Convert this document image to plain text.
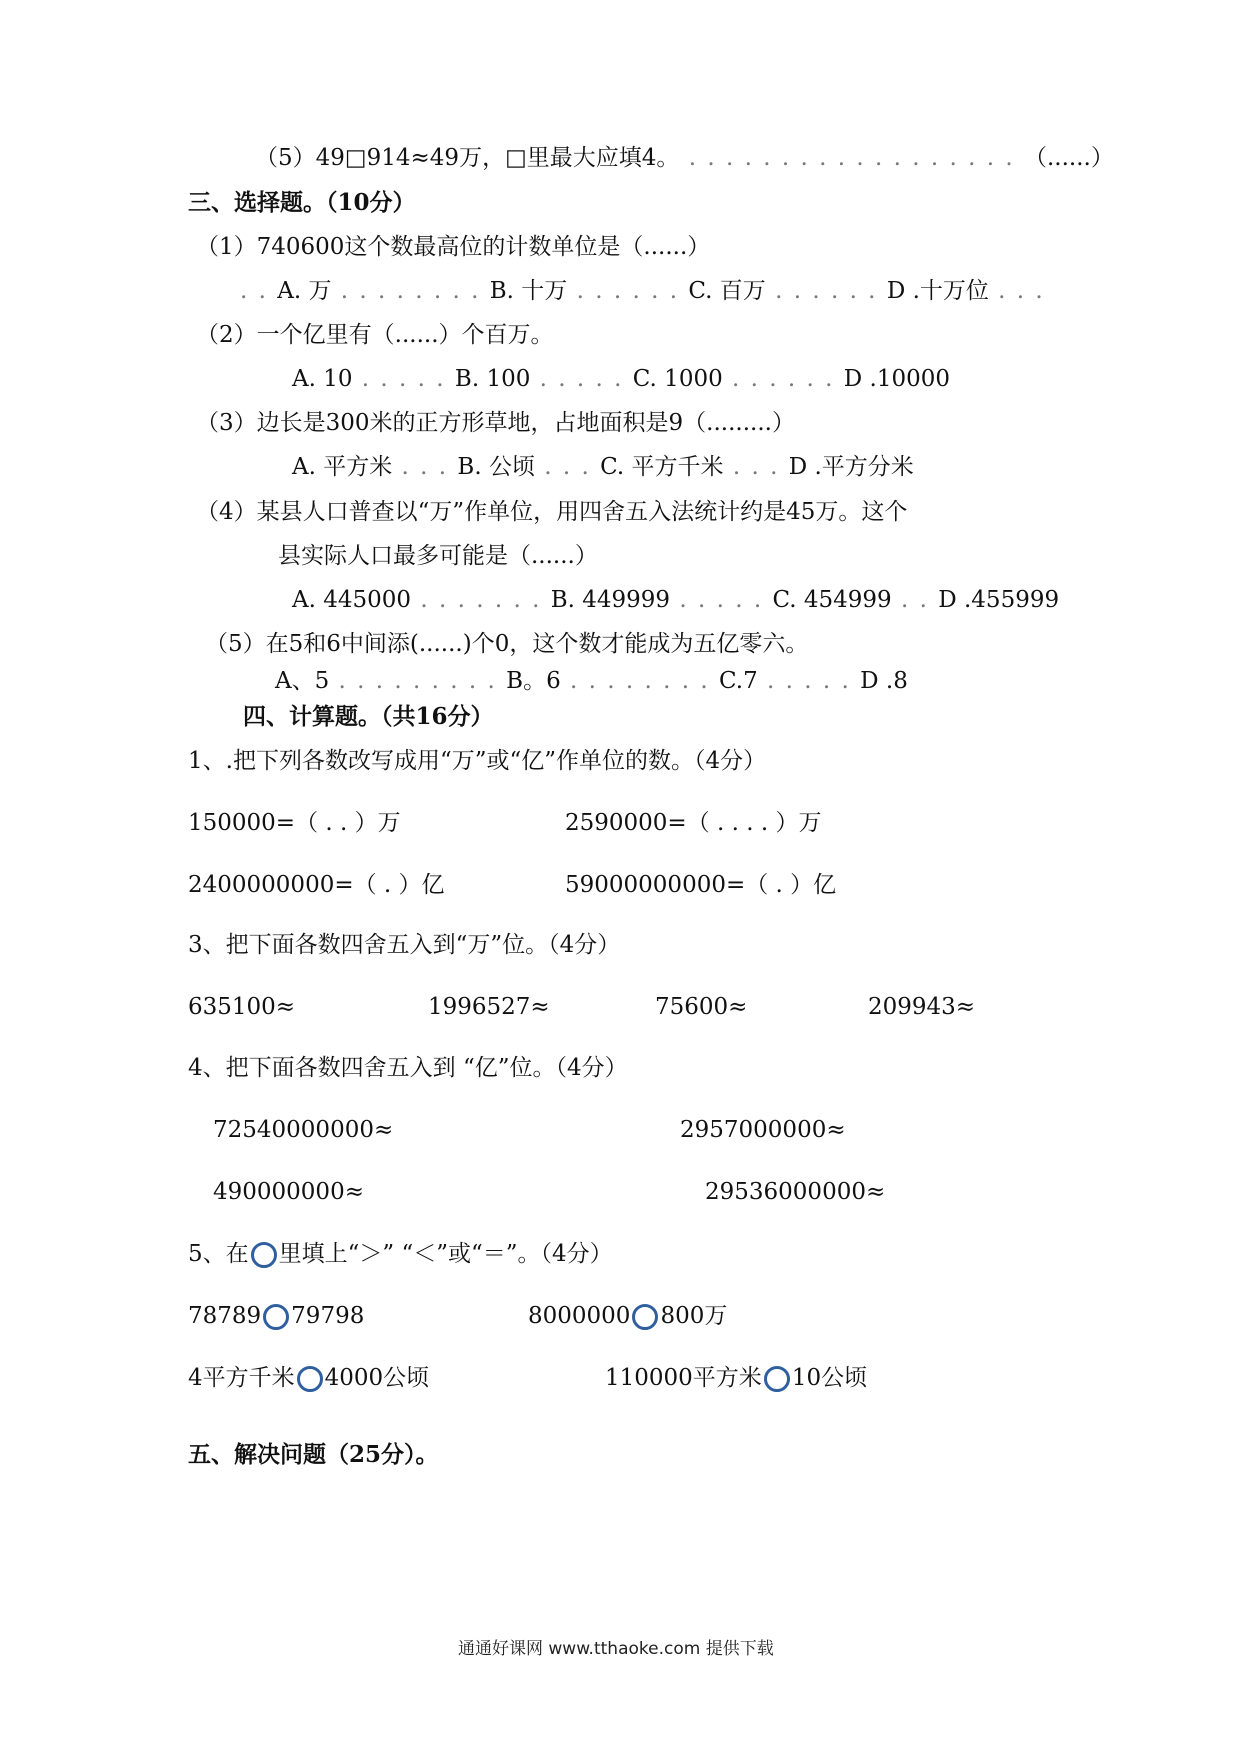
（5）49□914≈49万，□里最大应填4。 . . . . . . . . . . . . . . . . . . （......）
三、选择题。（10分）
（1）740600这个数最高位的计数单位是（......）
. . A. 万 . . . . . . . . B. 十万 . . . . . . C. 百万 . . . . . . D .十万位 . . .
（2）一个亿里有（......）个百万。
A. 10 . . . . . B. 100 . . . . . C. 1000 . . . . . . D .10000
（3）边长是300米的正方形草地，占地面积是9（.........）
A. 平方米 . . . B. 公顷 . . . C. 平方千米 . . . D .平方分米
（4）某县人口普查以“万”作单位，用四舍五入法统计约是45万。这个
县实际人口最多可能是（......）
A. 445000 . . . . . . . B. 449999 . . . . . C. 454999 . . D .455999
（5）在5和6中间添(......)个0，这个数才能成为五亿零六。
A、5 . . . . . . . . . B。6 . . . . . . . . C.7 . . . . . D .8
四、计算题。（共16分）
1、.把下列各数改写成用“万”或“亿”作单位的数。（4分）
150000=（ . . ）万	2590000=（ . . . . ）万
2400000000=（ . ）亿	59000000000=（ . ）亿
3、把下面各数四舍五入到“万”位。（4分）
635100≈	1996527≈	75600≈	209943≈
4、把下面各数四舍五入到 “亿”位。（4分）
72540000000≈	2957000000≈
490000000≈	29536000000≈
5、在 里填上“＞” “＜”或“＝”。（4分）
78789 79798	8000000 800万
4平方千米 4000公顷	110000平方米 10公顷
五、解决问题（25分）。
通通好课网 www.tthaoke.com 提供下载
